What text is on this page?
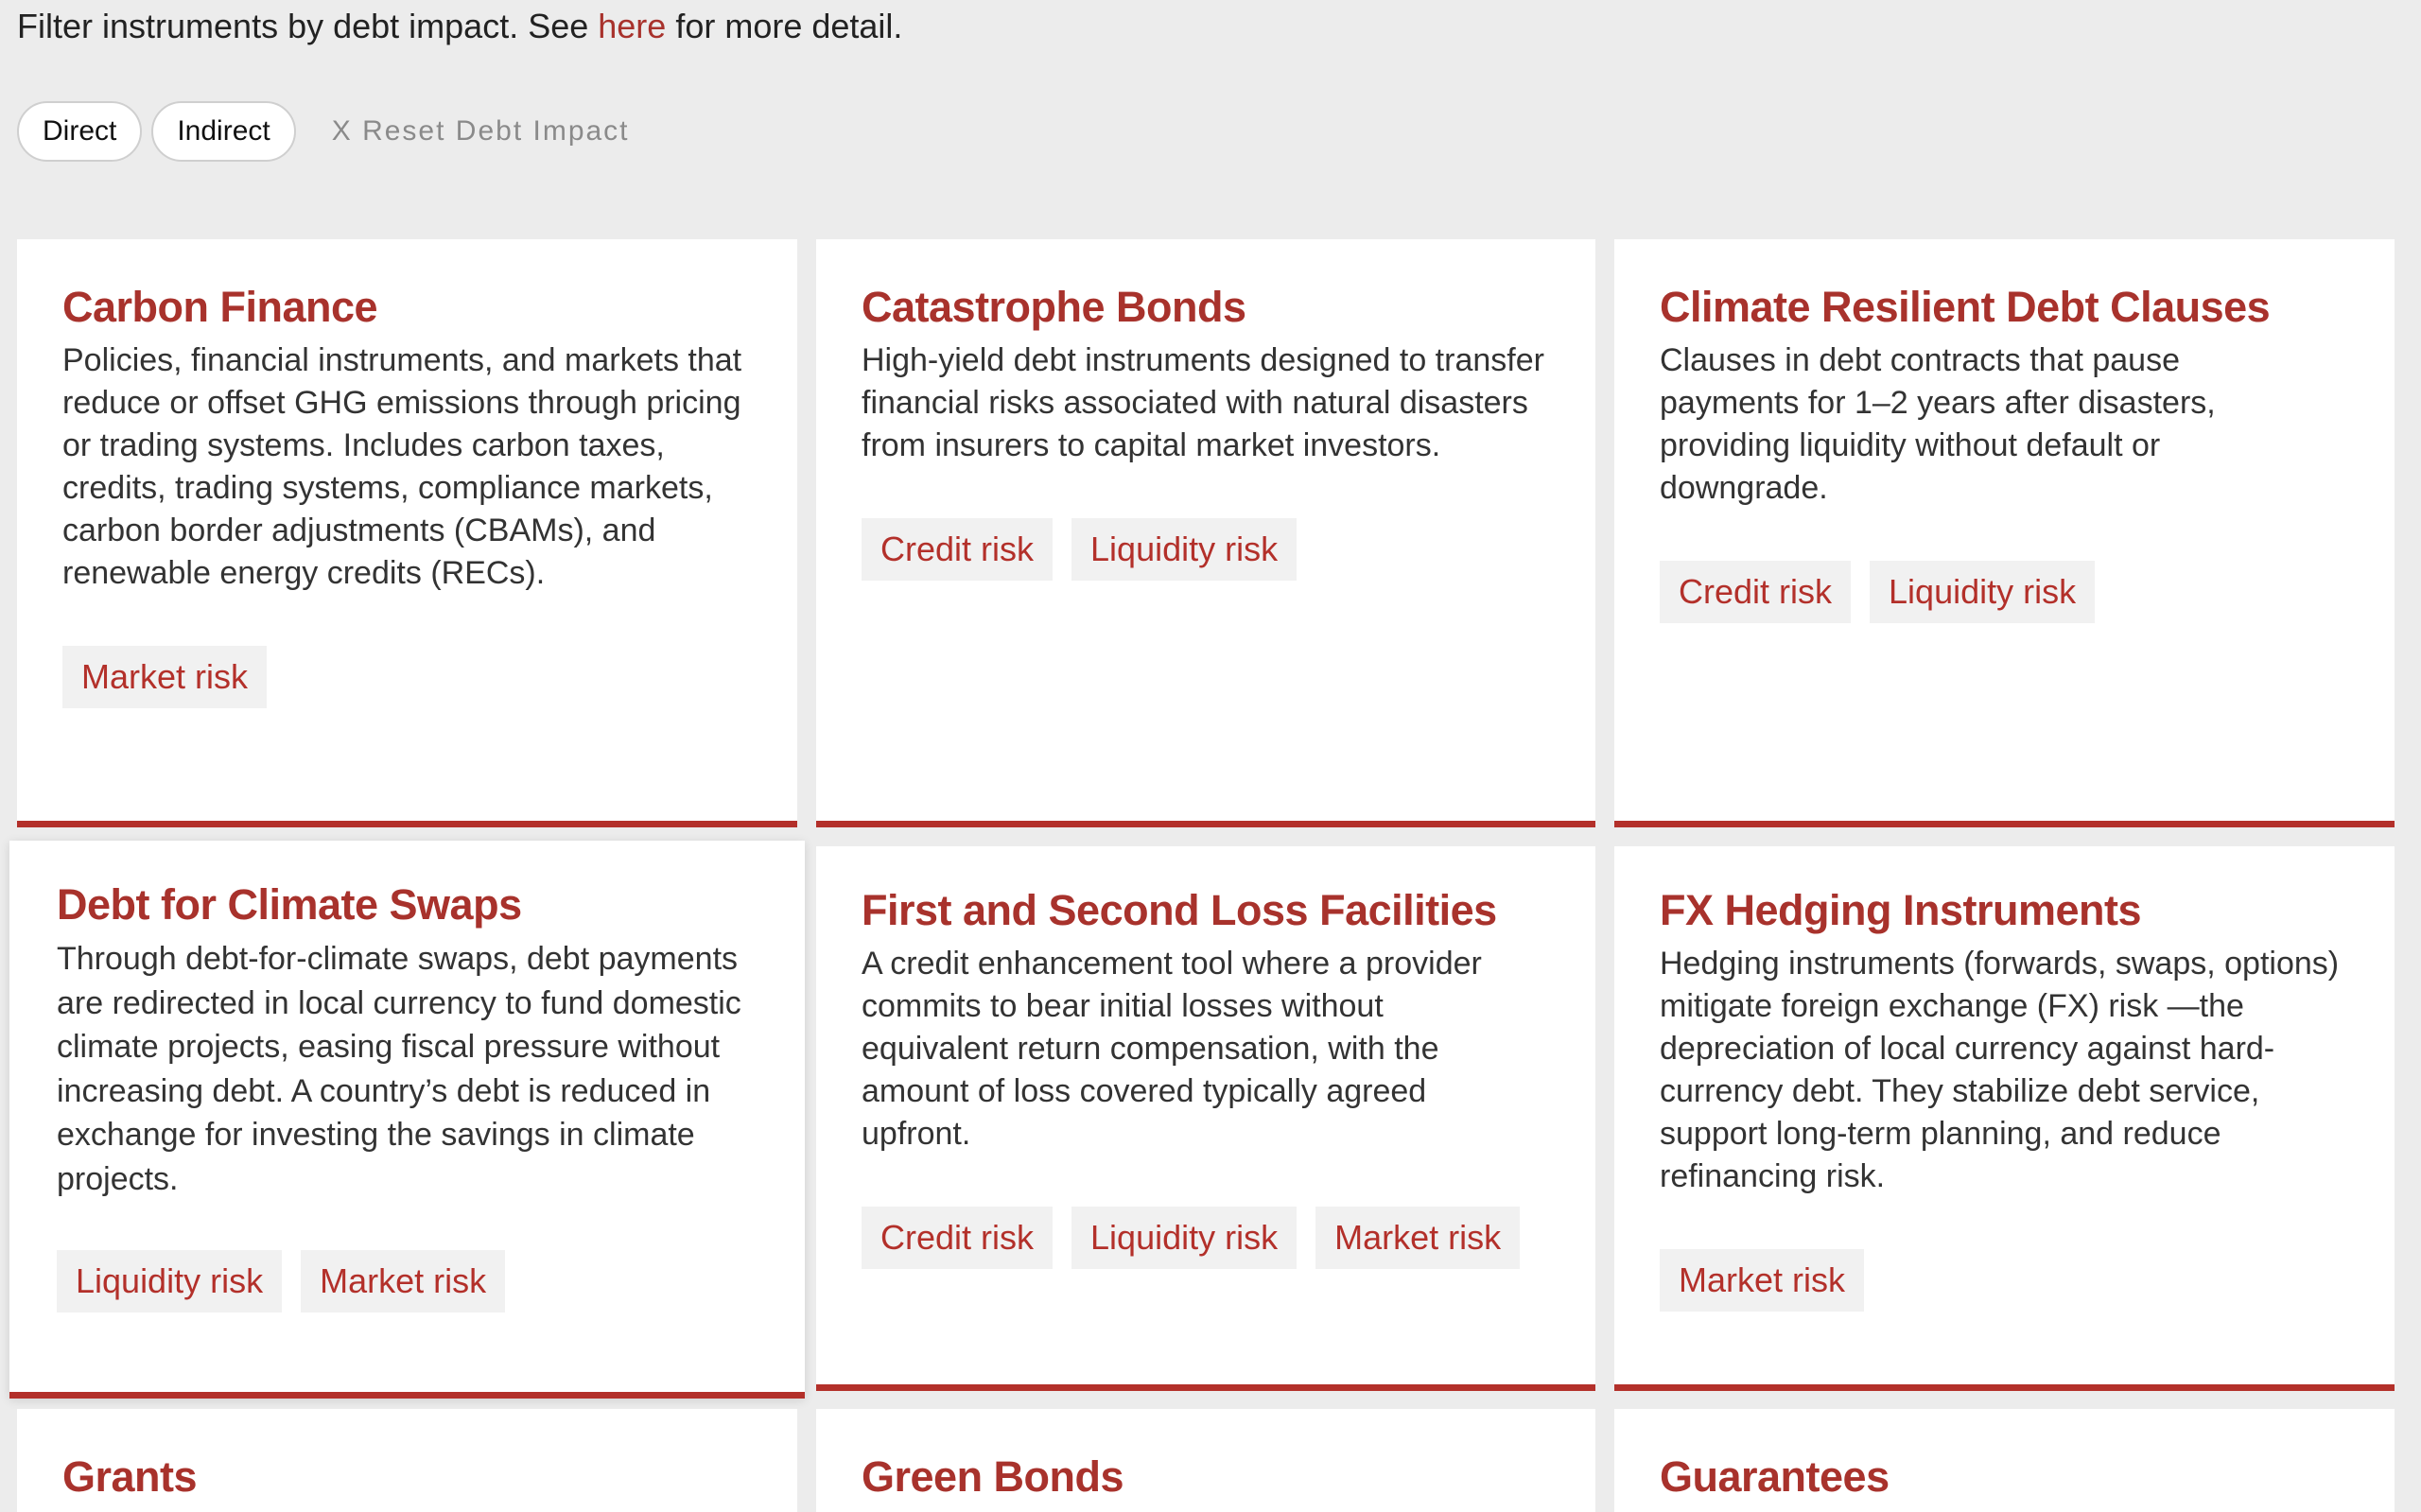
Filter instruments by debt impact. See here for more detail.

Direct	Indirect	X Reset Debt Impact
Carbon Finance
Policies, financial instruments, and markets that reduce or offset GHG emissions through pricing or trading systems. Includes carbon taxes, credits, trading systems, compliance markets, carbon border adjustments (CBAMs), and renewable energy credits (RECs).
Market risk
Catastrophe Bonds
High-yield debt instruments designed to transfer financial risks associated with natural disasters from insurers to capital market investors.
Credit risk	Liquidity risk
Climate Resilient Debt Clauses
Clauses in debt contracts that pause payments for 1–2 years after disasters, providing liquidity without default or downgrade.
Credit risk	Liquidity risk
Debt for Climate Swaps
Through debt-for-climate swaps, debt payments are redirected in local currency to fund domestic climate projects, easing fiscal pressure without increasing debt. A country’s debt is reduced in exchange for investing the savings in climate projects.
Liquidity risk	Market risk
First and Second Loss Facilities
A credit enhancement tool where a provider commits to bear initial losses without equivalent return compensation, with the amount of loss covered typically agreed upfront.
Credit risk	Liquidity risk	Market risk
FX Hedging Instruments
Hedging instruments (forwards, swaps, options) mitigate foreign exchange (FX) risk —the depreciation of local currency against hard-currency debt. They stabilize debt service, support long-term planning, and reduce refinancing risk.
Market risk
Grants	Green Bonds	Guarantees
